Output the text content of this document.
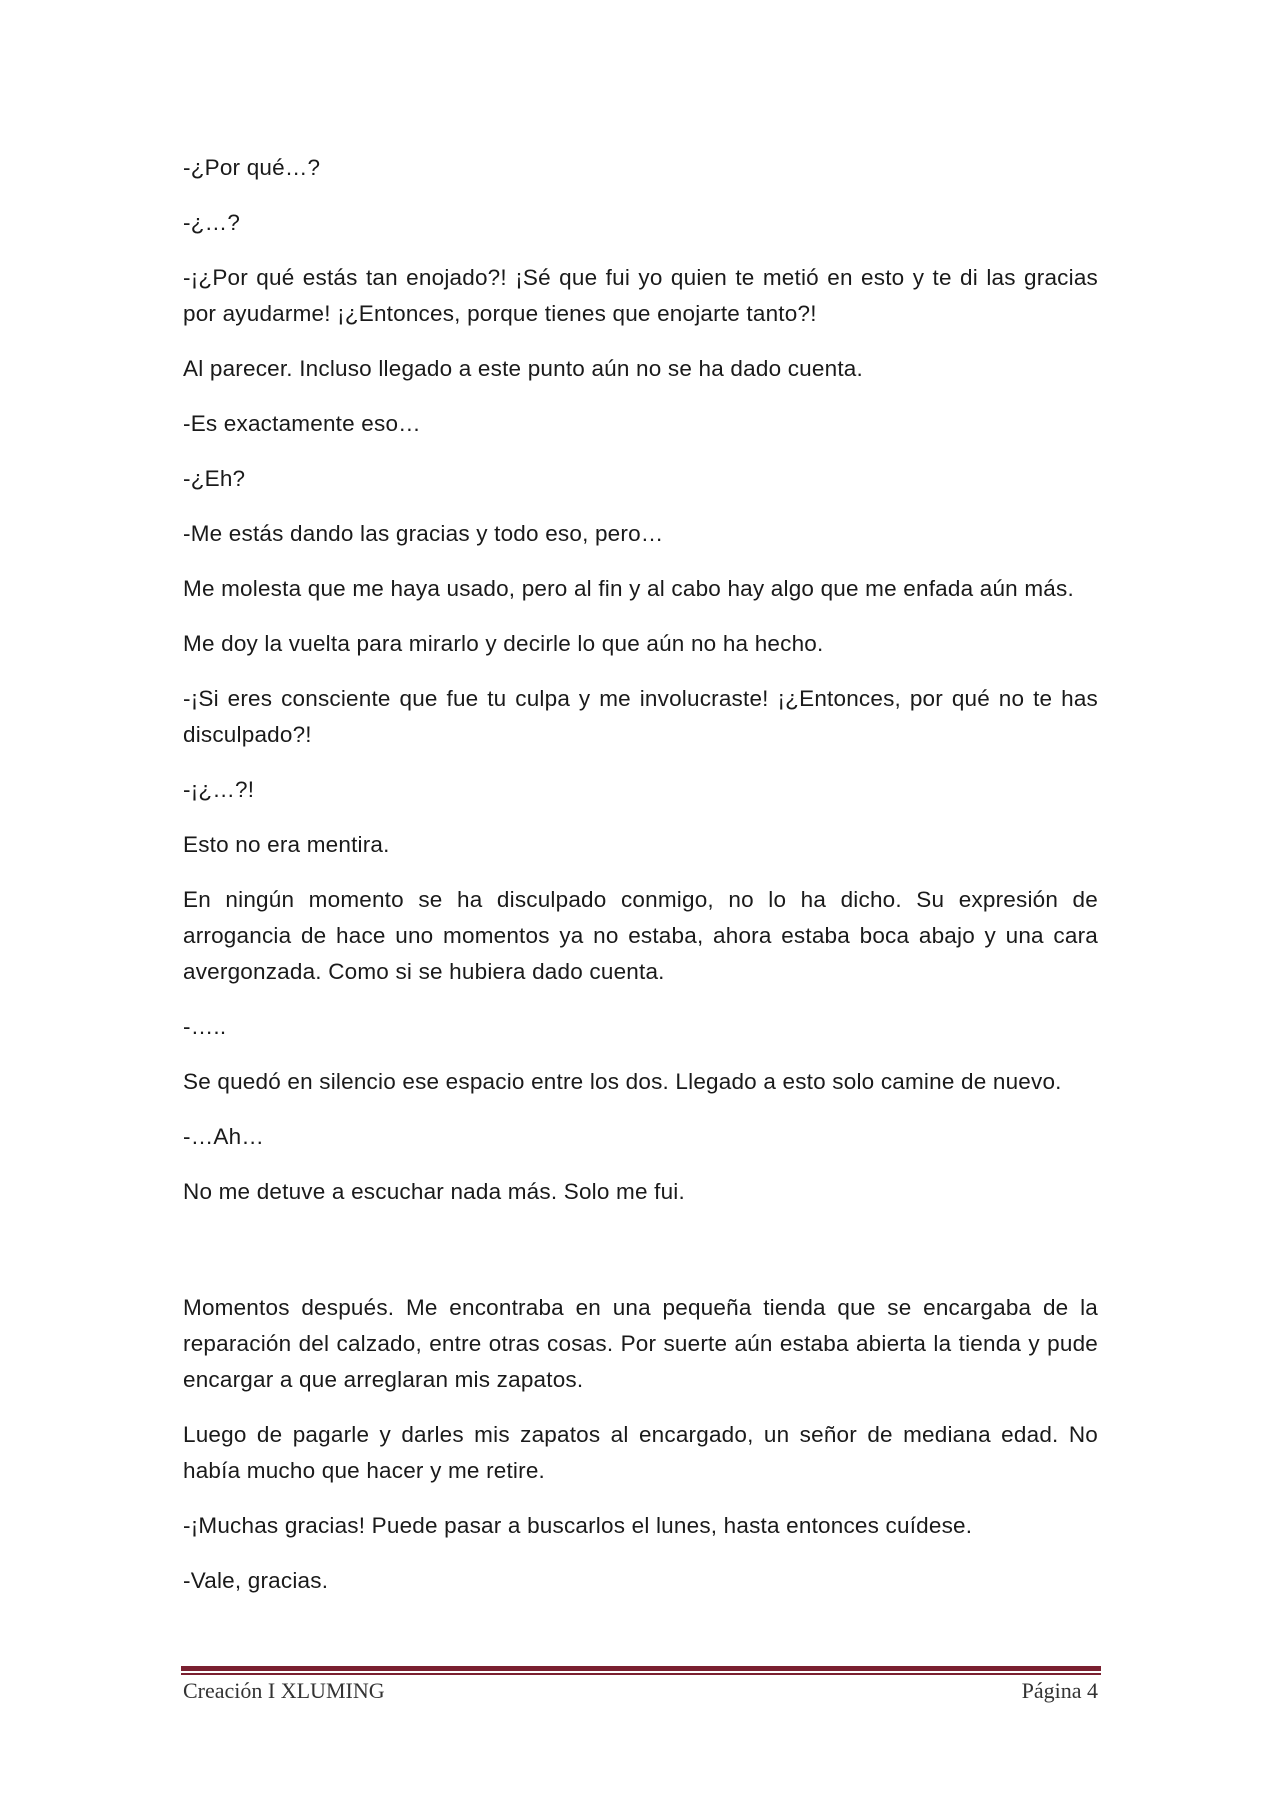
-¿Por qué…?

-¿…?

-¡¿Por qué estás tan enojado?! ¡Sé que fui yo quien te metió en esto y te di las gracias por ayudarme! ¡¿Entonces, porque tienes que enojarte tanto?!

Al parecer. Incluso llegado a este punto aún no se ha dado cuenta.

-Es exactamente eso…

-¿Eh?

-Me estás dando las gracias y todo eso, pero…

Me molesta que me haya usado, pero al fin y al cabo hay algo que me enfada aún más.

Me doy la vuelta para mirarlo y decirle lo que aún no ha hecho.

-¡Si eres consciente que fue tu culpa y me involucraste! ¡¿Entonces, por qué no te has disculpado?!

-¡¿…?!

Esto no era mentira.

En ningún momento se ha disculpado conmigo, no lo ha dicho. Su expresión de arrogancia de hace uno momentos ya no estaba, ahora estaba boca abajo y una cara avergonzada. Como si se hubiera dado cuenta.

-…..

Se quedó en silencio ese espacio entre los dos. Llegado a esto solo camine de nuevo.

-…Ah…

No me detuve a escuchar nada más. Solo me fui.

Momentos después. Me encontraba en una pequeña tienda que se encargaba de la reparación del calzado, entre otras cosas. Por suerte aún estaba abierta la tienda y pude encargar a que arreglaran mis zapatos.

Luego de pagarle y darles mis zapatos al encargado, un señor de mediana edad. No había mucho que hacer y me retire.

-¡Muchas gracias! Puede pasar a buscarlos el lunes, hasta entonces cuídese.

-Vale, gracias.

Creación I XLUMING	Página 4
